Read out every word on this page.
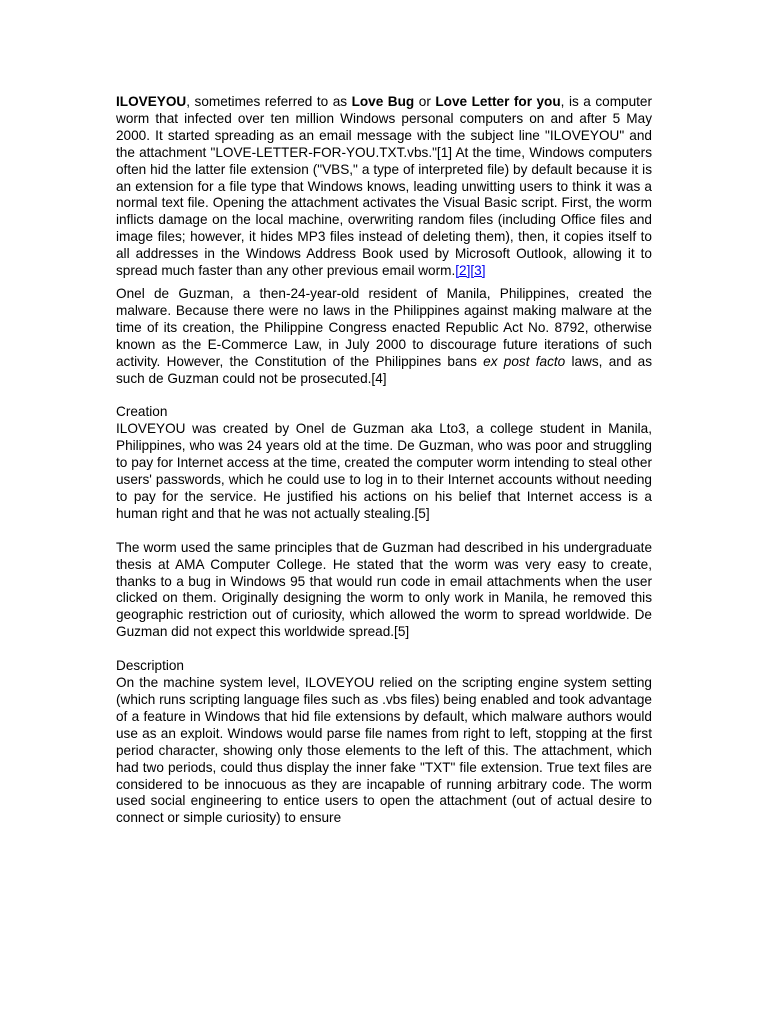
ILOVEYOU, sometimes referred to as Love Bug or Love Letter for you, is a computer worm that infected over ten million Windows personal computers on and after 5 May 2000. It started spreading as an email message with the subject line "ILOVEYOU" and the attachment "LOVE-LETTER-FOR-YOU.TXT.vbs."[1] At the time, Windows computers often hid the latter file extension ("VBS," a type of interpreted file) by default because it is an extension for a file type that Windows knows, leading unwitting users to think it was a normal text file. Opening the attachment activates the Visual Basic script. First, the worm inflicts damage on the local machine, overwriting random files (including Office files and image files; however, it hides MP3 files instead of deleting them), then, it copies itself to all addresses in the Windows Address Book used by Microsoft Outlook, allowing it to spread much faster than any other previous email worm.[2][3]

Onel de Guzman, a then-24-year-old resident of Manila, Philippines, created the malware. Because there were no laws in the Philippines against making malware at the time of its creation, the Philippine Congress enacted Republic Act No. 8792, otherwise known as the E-Commerce Law, in July 2000 to discourage future iterations of such activity. However, the Constitution of the Philippines bans ex post facto laws, and as such de Guzman could not be prosecuted.[4]

Creation

ILOVEYOU was created by Onel de Guzman aka Lto3, a college student in Manila, Philippines, who was 24 years old at the time. De Guzman, who was poor and struggling to pay for Internet access at the time, created the computer worm intending to steal other users' passwords, which he could use to log in to their Internet accounts without needing to pay for the service. He justified his actions on his belief that Internet access is a human right and that he was not actually stealing.[5]

The worm used the same principles that de Guzman had described in his undergraduate thesis at AMA Computer College. He stated that the worm was very easy to create, thanks to a bug in Windows 95 that would run code in email attachments when the user clicked on them. Originally designing the worm to only work in Manila, he removed this geographic restriction out of curiosity, which allowed the worm to spread worldwide. De Guzman did not expect this worldwide spread.[5]

Description

On the machine system level, ILOVEYOU relied on the scripting engine system setting (which runs scripting language files such as .vbs files) being enabled and took advantage of a feature in Windows that hid file extensions by default, which malware authors would use as an exploit. Windows would parse file names from right to left, stopping at the first period character, showing only those elements to the left of this. The attachment, which had two periods, could thus display the inner fake "TXT" file extension. True text files are considered to be innocuous as they are incapable of running arbitrary code. The worm used social engineering to entice users to open the attachment (out of actual desire to connect or simple curiosity) to ensure
